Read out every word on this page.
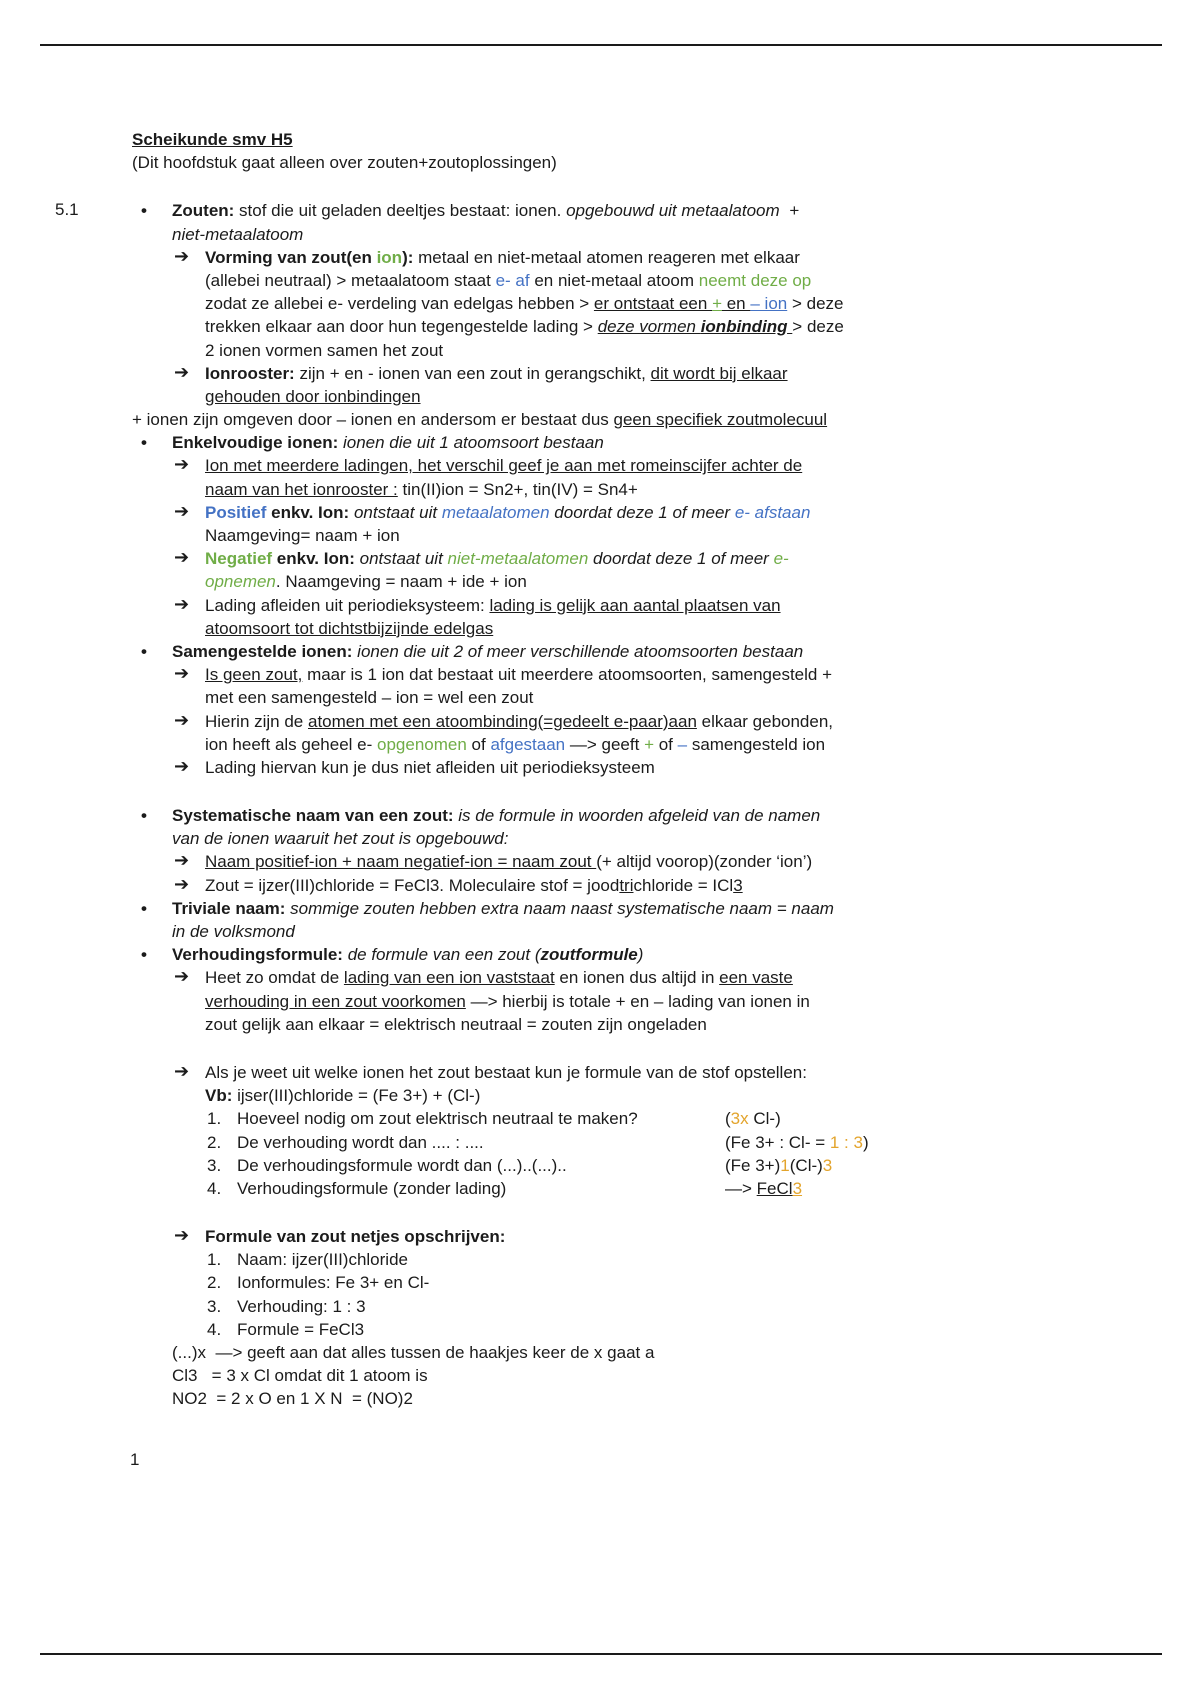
5.1
Scheikunde smv H5
(Dit hoofdstuk gaat alleen over zouten+zoutoplossingen)
• Zouten: stof die uit geladen deeltjes bestaat: ionen. opgebouwd uit metaalatoom  +
niet-metaalatoom
➔ Vorming van zout(en ion): metaal en niet-metaal atomen reageren met elkaar
(allebei neutraal) > metaalatoom staat e- af en niet-metaal atoom neemt deze op
zodat ze allebei e- verdeling van edelgas hebben > er ontstaat een + en – ion > deze
trekken elkaar aan door hun tegengestelde lading > deze vormen ionbinding > deze
2 ionen vormen samen het zout
➔ Ionrooster: zijn + en - ionen van een zout in gerangschikt, dit wordt bij elkaar
gehouden door ionbindingen
+ ionen zijn omgeven door – ionen en andersom er bestaat dus geen specifiek zoutmolecuul
• Enkelvoudige ionen: ionen die uit 1 atoomsoort bestaan
➔ Ion met meerdere ladingen, het verschil geef je aan met romeinscijfer achter de
naam van het ionrooster : tin(II)ion = Sn2+, tin(IV) = Sn4+
➔ Positief enkv. Ion: ontstaat uit metaalatomen doordat deze 1 of meer e- afstaan
Naamgeving= naam + ion
➔ Negatief enkv. Ion: ontstaat uit niet-metaalatomen doordat deze 1 of meer e-
opnemen. Naamgeving = naam + ide + ion
➔ Lading afleiden uit periodieksysteem: lading is gelijk aan aantal plaatsen van
atoomsoort tot dichtstbijzijnde edelgas
• Samengestelde ionen: ionen die uit 2 of meer verschillende atoomsoorten bestaan
➔ Is geen zout, maar is 1 ion dat bestaat uit meerdere atoomsoorten, samengesteld +
met een samengesteld – ion = wel een zout
➔ Hierin zijn de atomen met een atoombinding(=gedeelt e-paar)aan elkaar gebonden,
ion heeft als geheel e- opgenomen of afgestaan —> geeft + of – samengesteld ion
➔ Lading hiervan kun je dus niet afleiden uit periodieksysteem
• Systematische naam van een zout: is de formule in woorden afgeleid van de namen
van de ionen waaruit het zout is opgebouwd:
➔ Naam positief-ion + naam negatief-ion = naam zout (+ altijd voorop)(zonder ‘ion’)
➔ Zout = ijzer(III)chloride = FeCl3. Moleculaire stof = joodtrichloride = ICl3
• Triviale naam: sommige zouten hebben extra naam naast systematische naam = naam
in de volksmond
• Verhoudingsformule: de formule van een zout (zoutformule)
➔ Heet zo omdat de lading van een ion vaststaat en ionen dus altijd in een vaste
verhouding in een zout voorkomen —> hierbij is totale + en – lading van ionen in
zout gelijk aan elkaar = elektrisch neutraal = zouten zijn ongeladen
➔ Als je weet uit welke ionen het zout bestaat kun je formule van de stof opstellen:
Vb: ijser(III)chloride = (Fe 3+) + (Cl-)
1. Hoeveel nodig om zout elektrisch neutraal te maken?	(3x Cl-)
2. De verhouding wordt dan .... : ....	(Fe 3+ : Cl- = 1 : 3)
3. De verhoudingsformule wordt dan (...)..(...)..	(Fe 3+)1(Cl-)3
4. Verhoudingsformule (zonder lading)	—> FeCl3
➔ Formule van zout netjes opschrijven:
1. Naam: ijzer(III)chloride
2. Ionformules: Fe 3+ en Cl-
3. Verhouding: 1 : 3
4. Formule = FeCl3
(...)x  —> geeft aan dat alles tussen de haakjes keer de x gaat a
Cl3   = 3 x Cl omdat dit 1 atoom is
NO2  = 2 x O en 1 X N  = (NO)2
1
